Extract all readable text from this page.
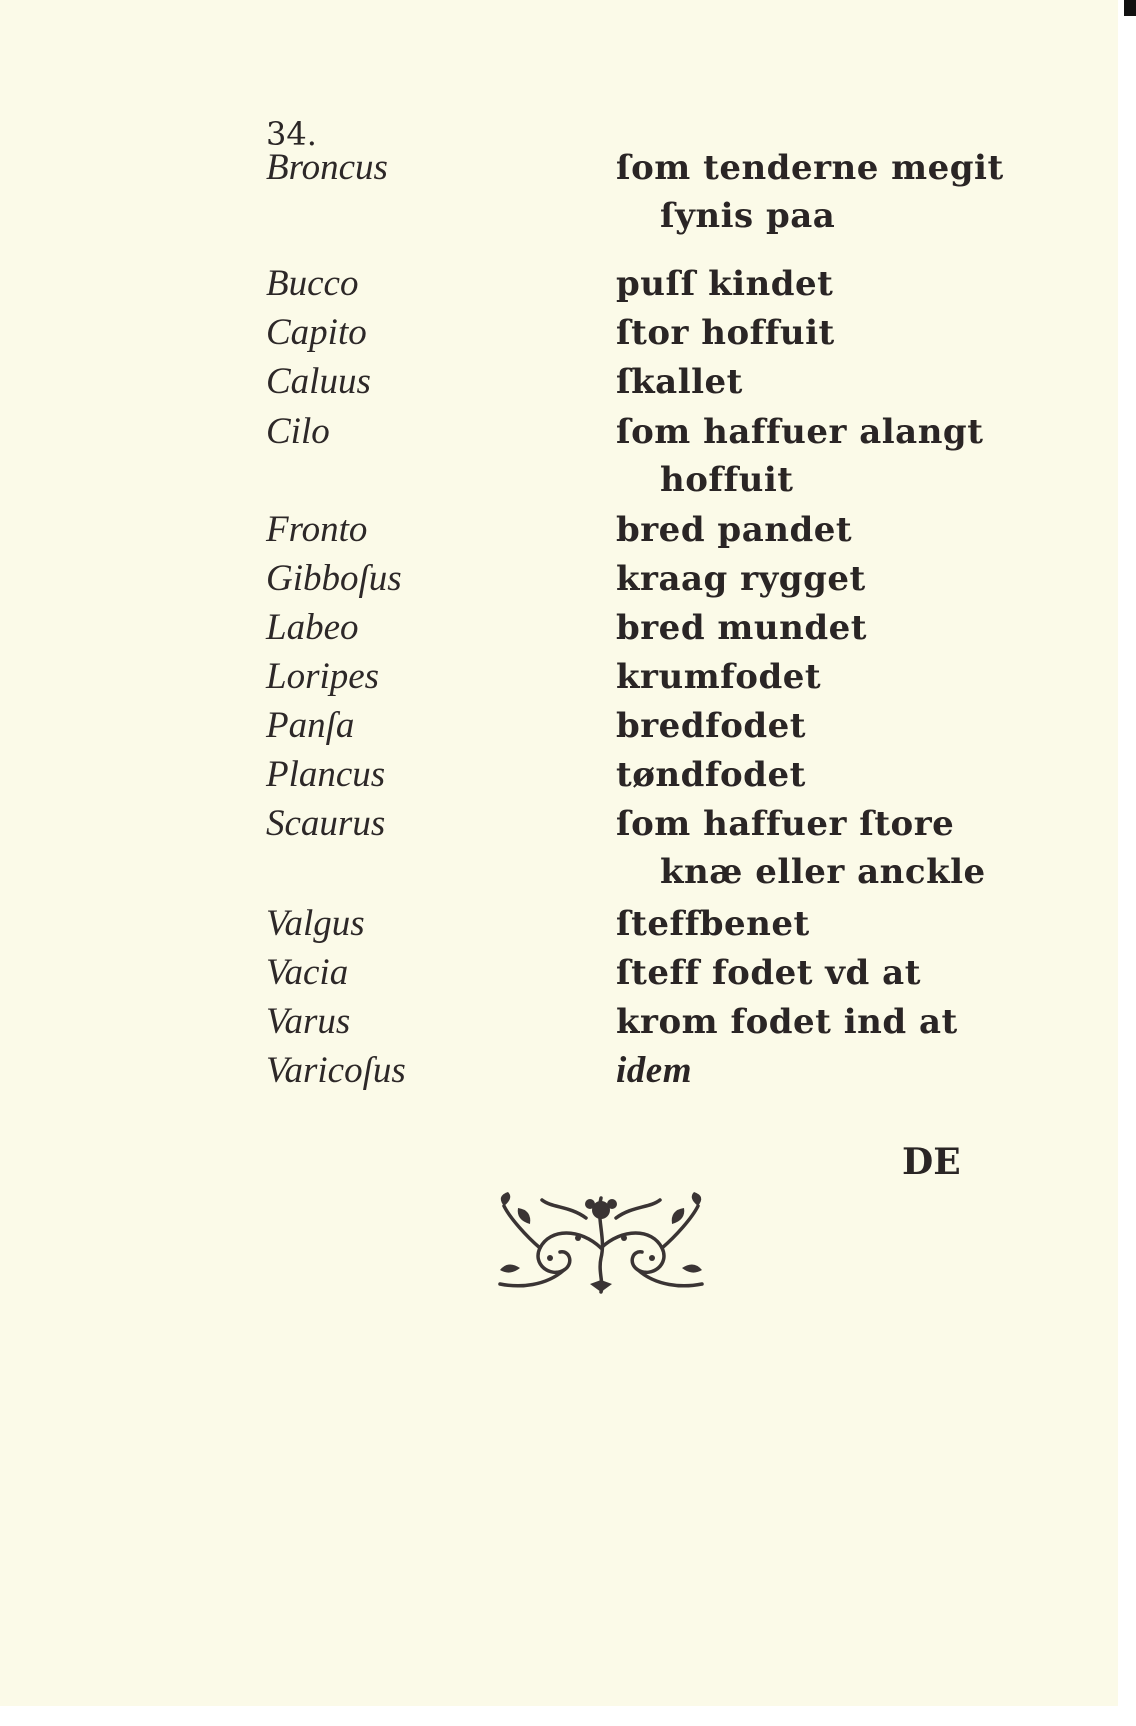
34.
Broncus	ſom tenderne megit
ſynis paa
Bucco	puſſ kindet
Capito	ſtor hoffuit
Caluus	ſkallet
Cilo	ſom haffuer alangt
hoffuit
Fronto	bred pandet
Gibboſus	kraag rygget
Labeo	bred mundet
Loripes	krumfodet
Panſa	bredfodet
Plancus	tøndfodet
Scaurus	ſom haffuer ſtore
knæ eller anckle
Valgus	ſteffbenet
Vacia	ſteff fodet vd at
Varus	krom fodet ind at
Varicoſus	idem
DE
